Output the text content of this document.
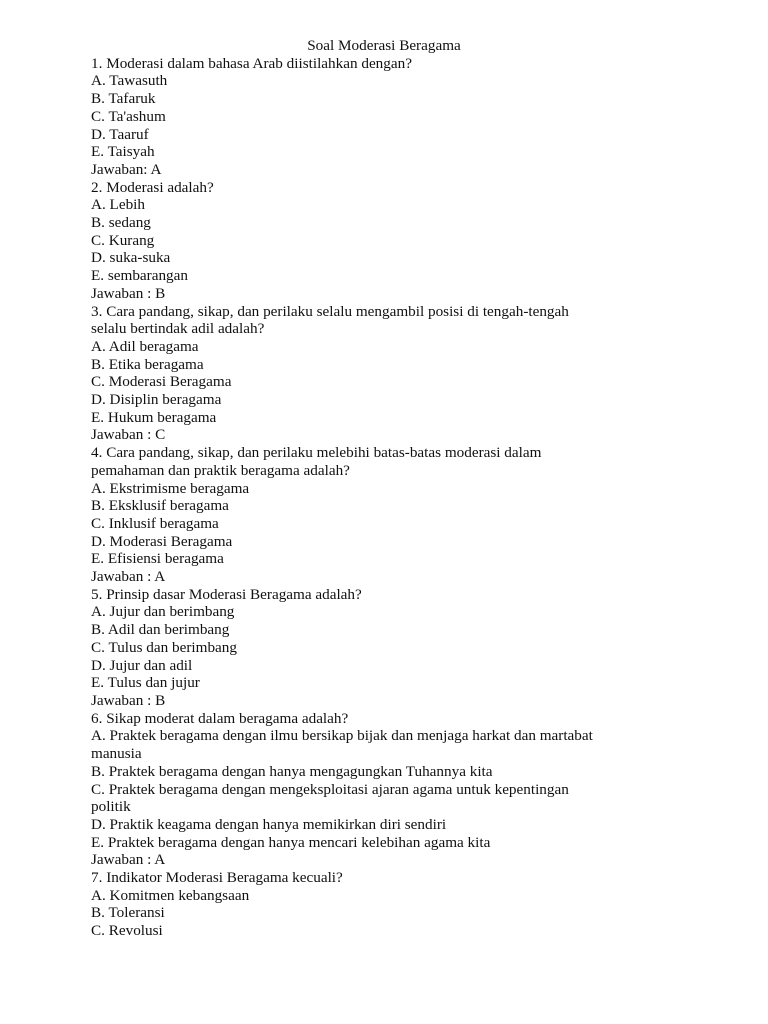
Soal Moderasi Beragama
1. Moderasi dalam bahasa Arab diistilahkan dengan?
A. Tawasuth
B. Tafaruk
C. Ta'ashum
D. Taaruf
E. Taisyah
Jawaban: A
2. Moderasi adalah?
A. Lebih
B. sedang
C. Kurang
D. suka-suka
E. sembarangan
Jawaban : B
3. Cara pandang, sikap, dan perilaku selalu mengambil posisi di tengah-tengah
selalu bertindak adil adalah?
A. Adil beragama
B. Etika beragama
C. Moderasi Beragama
D. Disiplin beragama
E. Hukum beragama
Jawaban : C
4. Cara pandang, sikap, dan perilaku melebihi batas-batas moderasi dalam
pemahaman dan praktik beragama adalah?
A. Ekstrimisme beragama
B. Eksklusif beragama
C. Inklusif beragama
D. Moderasi Beragama
E. Efisiensi beragama
Jawaban : A
5. Prinsip dasar Moderasi Beragama adalah?
A. Jujur dan berimbang
B. Adil dan berimbang
C. Tulus dan berimbang
D. Jujur dan adil
E. Tulus dan jujur
Jawaban : B
6. Sikap moderat dalam beragama adalah?
A. Praktek beragama dengan ilmu bersikap bijak dan menjaga harkat dan martabat
manusia
B. Praktek beragama dengan hanya mengagungkan Tuhannya kita
C. Praktek beragama dengan mengeksploitasi ajaran agama untuk kepentingan
politik
D. Praktik keagama dengan hanya memikirkan diri sendiri
E. Praktek beragama dengan hanya mencari kelebihan agama kita
Jawaban : A
7. Indikator Moderasi Beragama kecuali?
A. Komitmen kebangsaan
B. Toleransi
C. Revolusi
